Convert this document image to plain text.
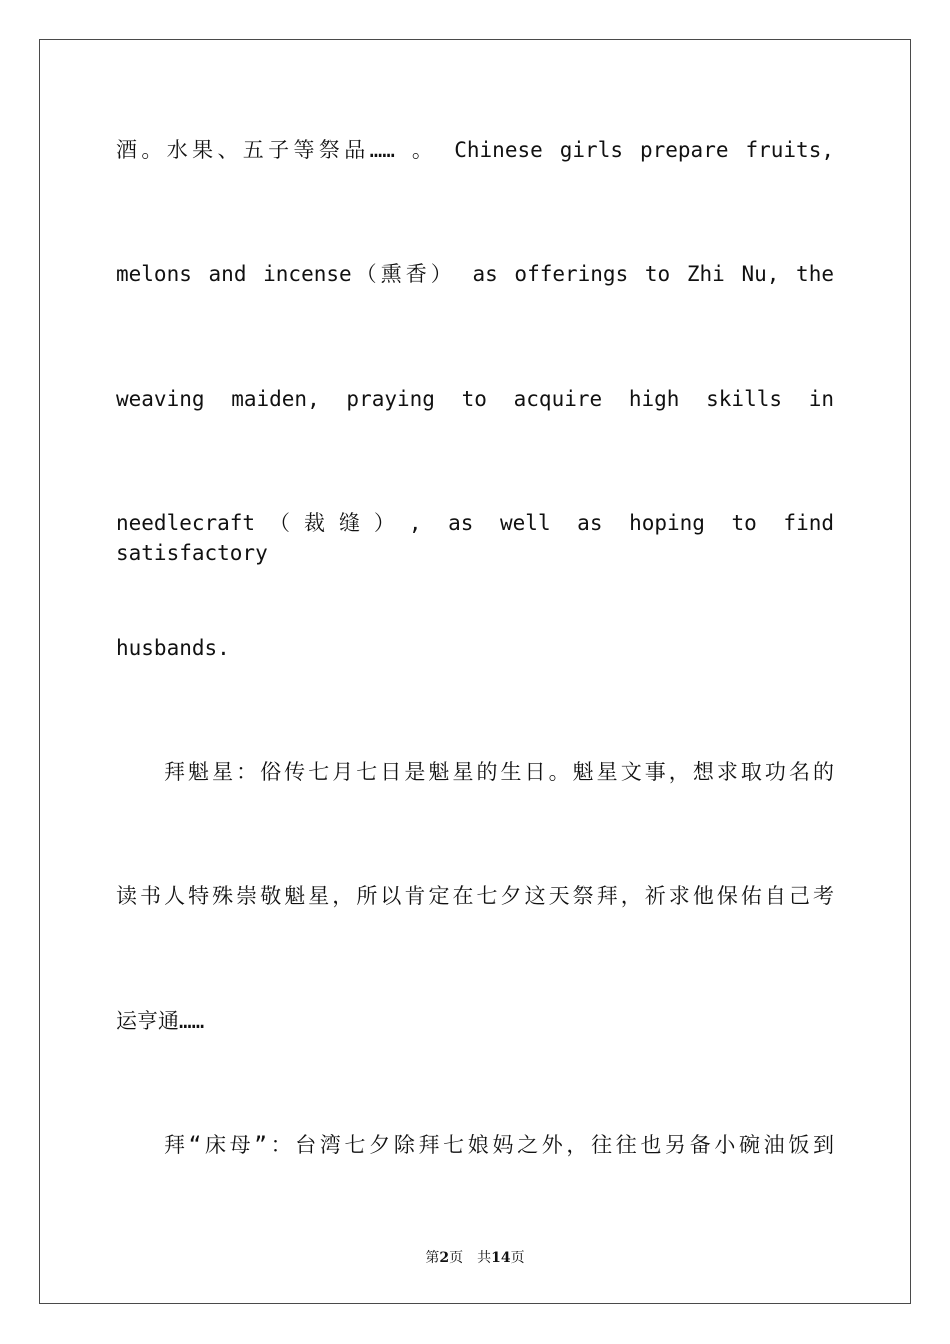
酒。水果、五子等祭品…… 。 Chinese girls prepare fruits,
melons and incense（熏香） as offerings to Zhi Nu, the
weaving maiden, praying to acquire high skills in
needlecraft（裁缝）, as well as hoping to find satisfactory
husbands.
拜魁星：俗传七月七日是魁星的生日。魁星文事，想求取功名的
读书人特殊崇敬魁星，所以肯定在七夕这天祭拜，祈求他保佑自己考
运亨通……
拜“床母”：台湾七夕除拜七娘妈之外，往往也另备小碗油饭到
第2页　共14页
